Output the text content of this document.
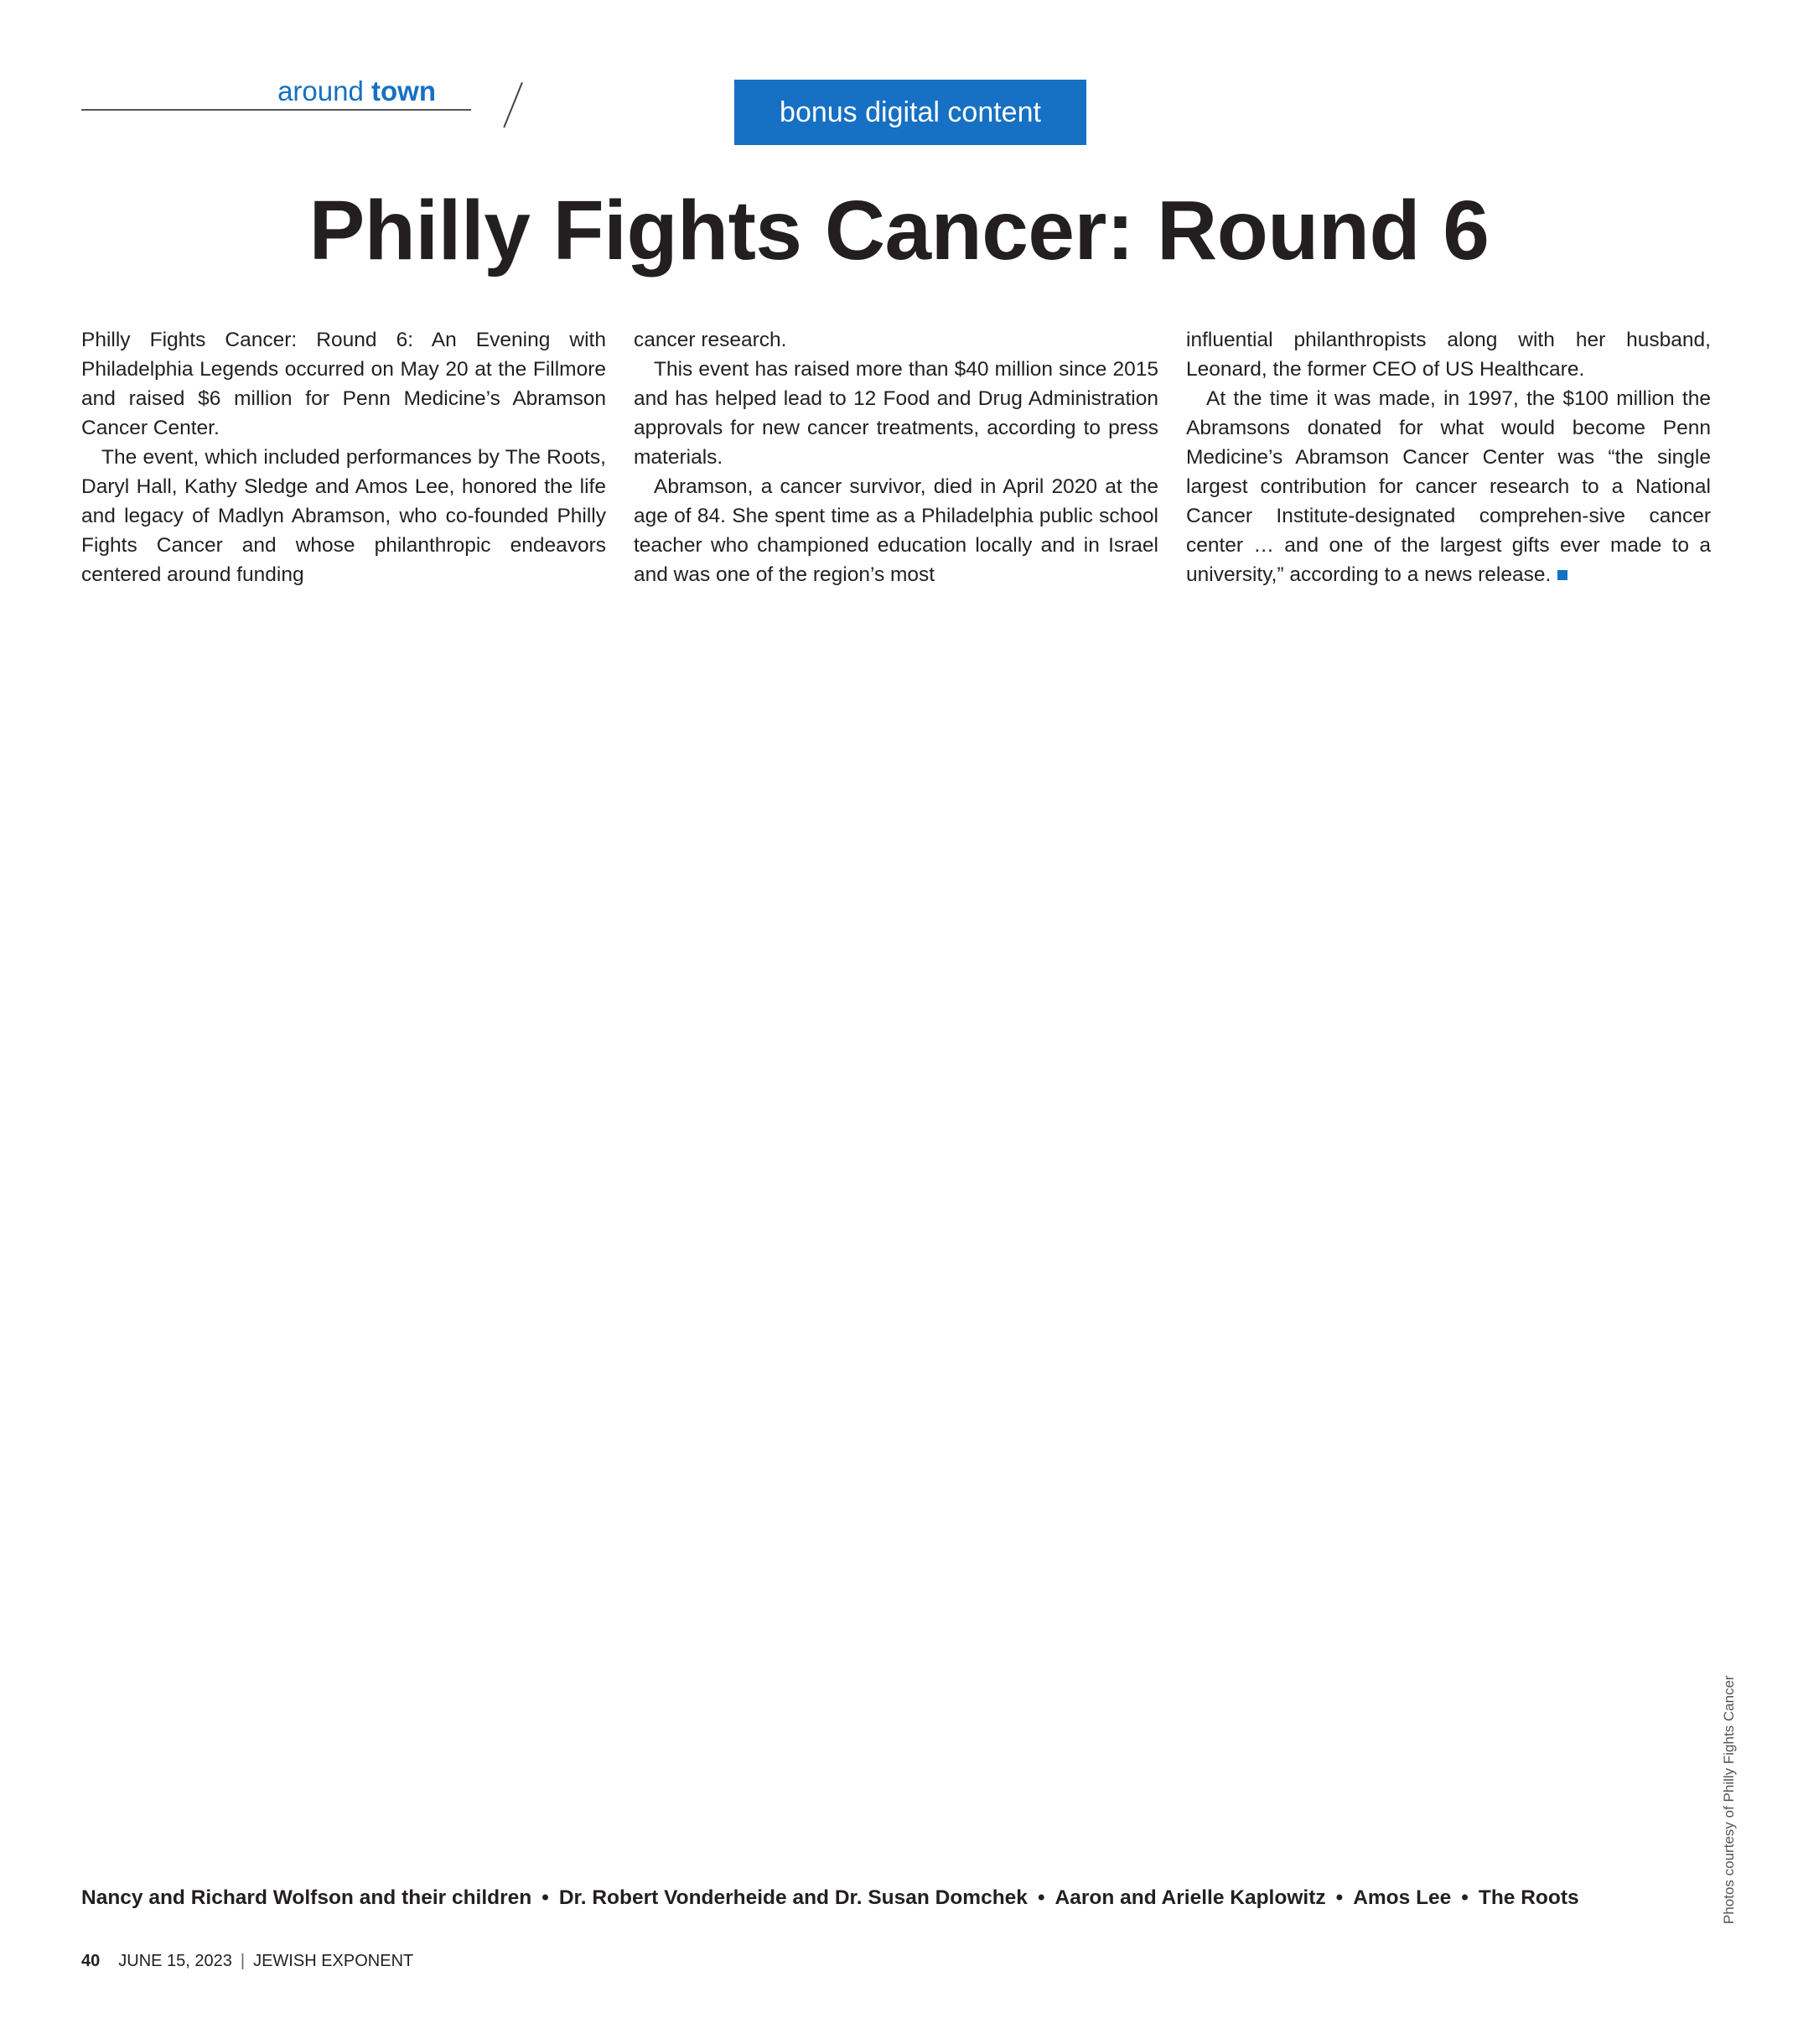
around town
bonus digital content
Philly Fights Cancer: Round 6

Philly Fights Cancer: Round 6: An Evening with Philadelphia Legends occurred on May 20 at the Fillmore and raised $6 million for Penn Medicine’s Abramson Cancer Center.

The event, which included performances by The Roots, Daryl Hall, Kathy Sledge and Amos Lee, honored the life and legacy of Madlyn Abramson, who co-founded Philly Fights Cancer and whose philanthropic endeavors centered around funding

cancer research.

This event has raised more than $40 million since 2015 and has helped lead to 12 Food and Drug Administration approvals for new cancer treatments, according to press materials.

Abramson, a cancer survivor, died in April 2020 at the age of 84. She spent time as a Philadelphia public school teacher who championed education locally and in Israel and was one of the region’s most

influential philanthropists along with her husband, Leonard, the former CEO of US Healthcare.

At the time it was made, in 1997, the $100 million the Abramsons donated for what would become Penn Medicine’s Abramson Cancer Center was “the single largest contribution for cancer research to a National Cancer Institute-designated comprehen-sive cancer center … and one of the largest gifts ever made to a university,” according to a news release.

Nancy and Richard Wolfson and their children • Dr. Robert Vonderheide and Dr. Susan Domchek • Aaron and Arielle Kaplowitz • Amos Lee • The Roots	Photos courtesy of Philly Fights Cancer
40 JUNE 15, 2023 | JEWISH EXPONENT
